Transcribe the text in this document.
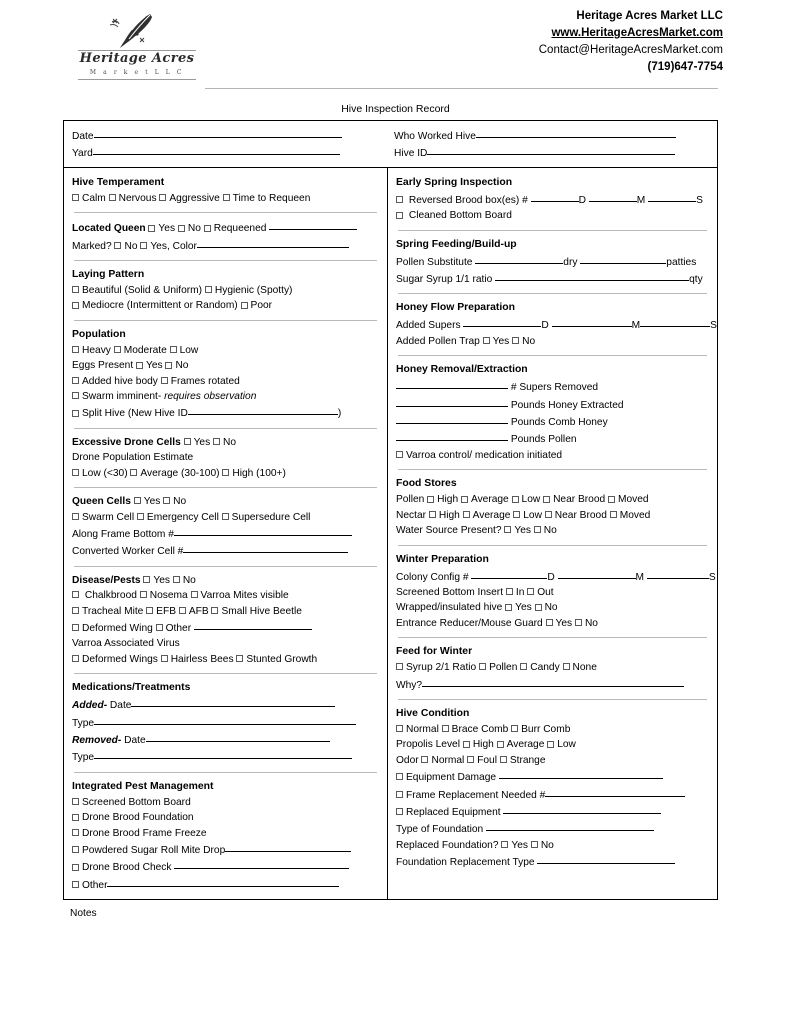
Heritage Acres
M a r k e t L L C
Heritage Acres Market LLC
www.HeritageAcresMarket.com
Contact@HeritageAcresMarket.com
(719)647-7754
Hive Inspection Record
Date
Yard
Who Worked Hive
Hive ID
Hive Temperament
Calm Nervous Aggressive Time to Requeen
Located Queen Yes No Requeened
Marked? No Yes, Color
Laying Pattern
Beautiful (Solid & Uniform) Hygienic (Spotty)
Mediocre (Intermittent or Random) Poor
Population
Heavy Moderate Low
Eggs Present Yes No
Added hive body Frames rotated
Swarm imminent- requires observation
Split Hive (New Hive ID	)
Excessive Drone Cells Yes No
Drone Population Estimate
Low (<30) Average (30-100) High (100+)
Queen Cells Yes No
Swarm Cell Emergency Cell Supersedure Cell
Along Frame Bottom #
Converted Worker Cell #
Disease/Pests Yes No
Chalkbrood Nosema Varroa Mites visible
Tracheal Mite EFB AFB Small Hive Beetle
Deformed Wing Other
Varroa Associated Virus
Deformed Wings Hairless Bees Stunted Growth
Medications/Treatments
Added- Date
Type
Removed- Date
Type
Integrated Pest Management
Screened Bottom Board
Drone Brood Foundation
Drone Brood Frame Freeze
Powdered Sugar Roll Mite Drop
Drone Brood Check
Other
Early Spring Inspection
Reversed Brood box(es) #	D	M	S
Cleaned Bottom Board
Spring Feeding/Build-up
Pollen Substitute	dry	patties
Sugar Syrup 1/1 ratio	qty
Honey Flow Preparation
Added Supers	D	M	S
Added Pollen Trap Yes No
Honey Removal/Extraction
# Supers Removed
Pounds Honey Extracted
Pounds Comb Honey
Pounds Pollen
Varroa control/ medication initiated
Food Stores
Pollen High Average Low Near Brood Moved
Nectar High Average Low Near Brood Moved
Water Source Present? Yes No
Winter Preparation
Colony Config #	D	M	S
Screened Bottom Insert In Out
Wrapped/insulated hive Yes No
Entrance Reducer/Mouse Guard Yes No
Feed for Winter
Syrup 2/1 Ratio Pollen Candy None
Why?
Hive Condition
Normal Brace Comb Burr Comb
Propolis Level High Average Low
Odor Normal Foul Strange
Equipment Damage
Frame Replacement Needed #
Replaced Equipment
Type of Foundation
Replaced Foundation? Yes No
Foundation Replacement Type
Notes
